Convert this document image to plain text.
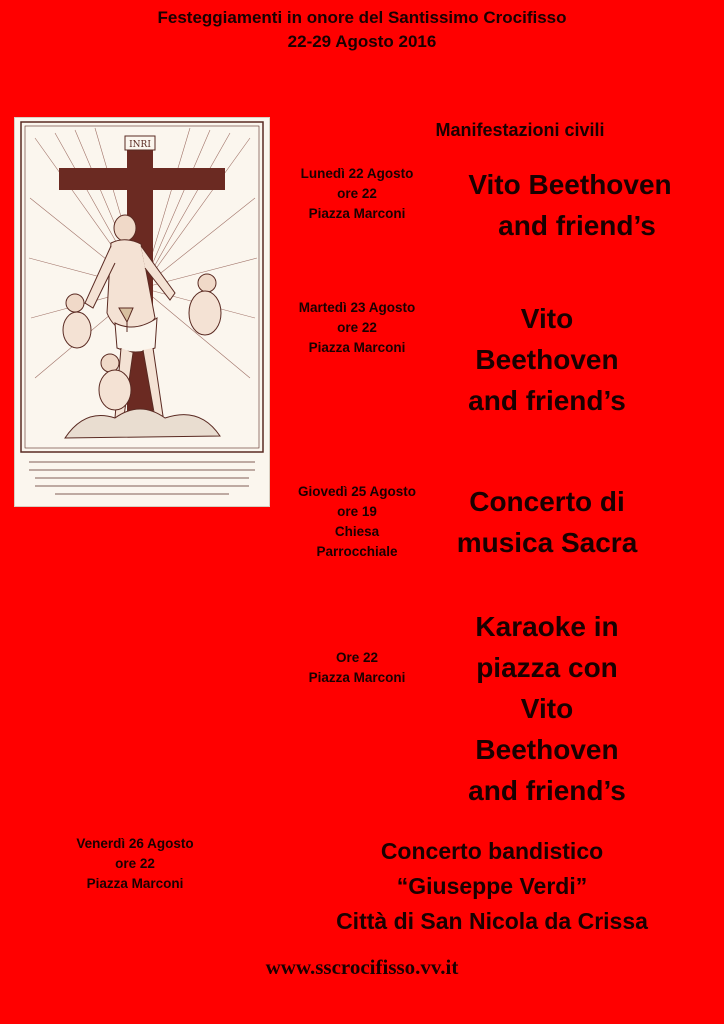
Festeggiamenti in onore del Santissimo Crocifisso
22-29 Agosto 2016
INRI
Manifestazioni civili
Lunedì 22 Agosto
ore 22
Piazza Marconi
Vito Beethoven
and friend’s
Martedì 23 Agosto
ore 22
Piazza Marconi
Vito
Beethoven
and friend’s
Giovedì 25 Agosto
ore 19
Chiesa
Parrocchiale
Concerto di
musica Sacra
Ore 22
Piazza Marconi
Karaoke in
piazza con
Vito
Beethoven
and friend’s
Venerdì 26 Agosto
ore 22
Piazza Marconi
Concerto bandistico
“Giuseppe Verdi”
Città di San Nicola da Crissa
www.sscrocifisso.vv.it
